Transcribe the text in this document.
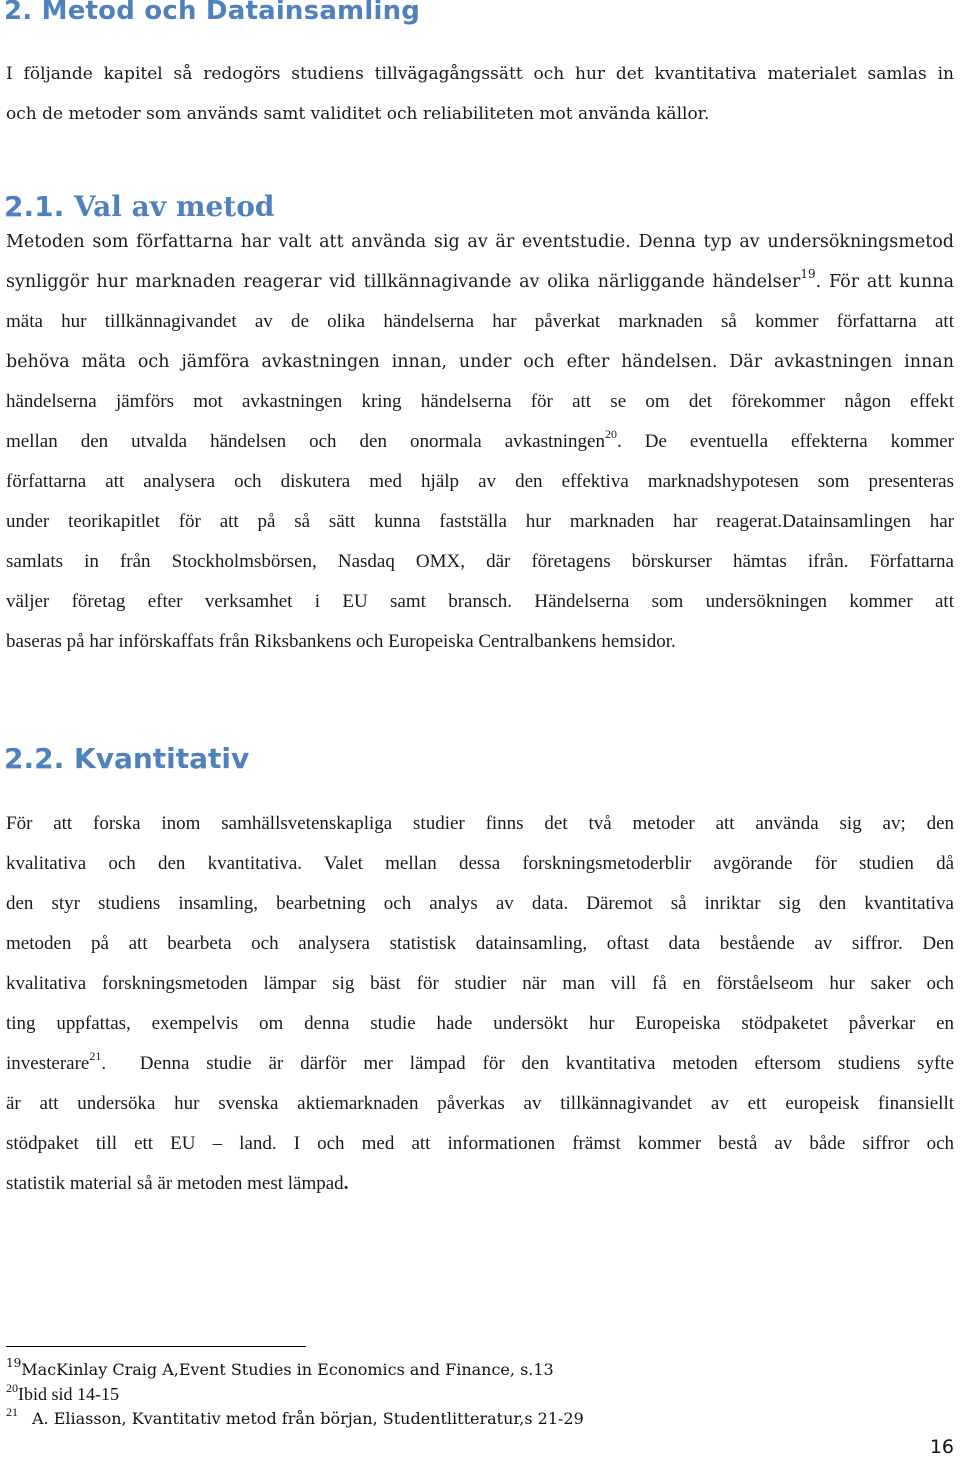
2. Metod och Datainsamling
I följande kapitel så redogörs studiens tillvägagångssätt och hur det kvantitativa materialet samlas in
och de metoder som används samt validitet och reliabiliteten mot använda källor.
2.1. Val av metod
Metoden som författarna har valt att använda sig av är eventstudie. Denna typ av undersökningsmetod
synliggör hur marknaden reagerar vid tillkännagivande av olika närliggande händelser$^{19}$. För att kunna
mäta hur tillkännagivandet av de olika händelserna har påverkat marknaden så kommer författarna att
behöva mäta och jämföra avkastningen innan, under och efter händelsen. Där avkastningen innan
händelserna jämförs mot avkastningen kring händelserna för att se om det förekommer någon effekt
mellan den utvalda händelsen och den onormala avkastningen$^{20}$. De eventuella effekterna kommer
författarna att analysera och diskutera med hjälp av den effektiva marknadshypotesen som presenteras
under teorikapitlet för att på så sätt kunna fastställa hur marknaden har reagerat.Datainsamlingen har
samlats in från Stockholmsbörsen, Nasdaq OMX, där företagens börskurser hämtas ifrån. Författarna
väljer företag efter verksamhet i EU samt bransch. Händelserna som undersökningen kommer att
baseras på har införskaffats från Riksbankens och Europeiska Centralbankens hemsidor.
2.2. Kvantitativ
För att forska inom samhällsvetenskapliga studier finns det två metoder att använda sig av; den
kvalitativa och den kvantitativa. Valet mellan dessa forskningsmetoderblir avgörande för studien då
den styr studiens insamling, bearbetning och analys av data. Däremot så inriktar sig den kvantitativa
metoden på att bearbeta och analysera statistisk datainsamling, oftast data bestående av siffror. Den
kvalitativa forskningsmetoden lämpar sig bäst för studier när man vill få en förståelseom hur saker och
ting uppfattas, exempelvis om denna studie hade undersökt hur Europeiska stödpaketet påverkar en
investerare$^{21}$.  Denna studie är därför mer lämpad för den kvantitativa metoden eftersom studiens syfte
är att undersöka hur svenska aktiemarknaden påverkas av tillkännagivandet av ett europeisk finansiellt
stödpaket till ett EU – land. I och med att informationen främst kommer bestå av både siffror och
statistik material så är metoden mest lämpad.
$^{19}$MacKinlay Craig A,Event Studies in Economics and Finance, s.13
$^{20}$Ibid sid 14-15
$^{21}$ A. Eliasson, Kvantitativ metod från början, Studentlitteratur,s 21-29
16
